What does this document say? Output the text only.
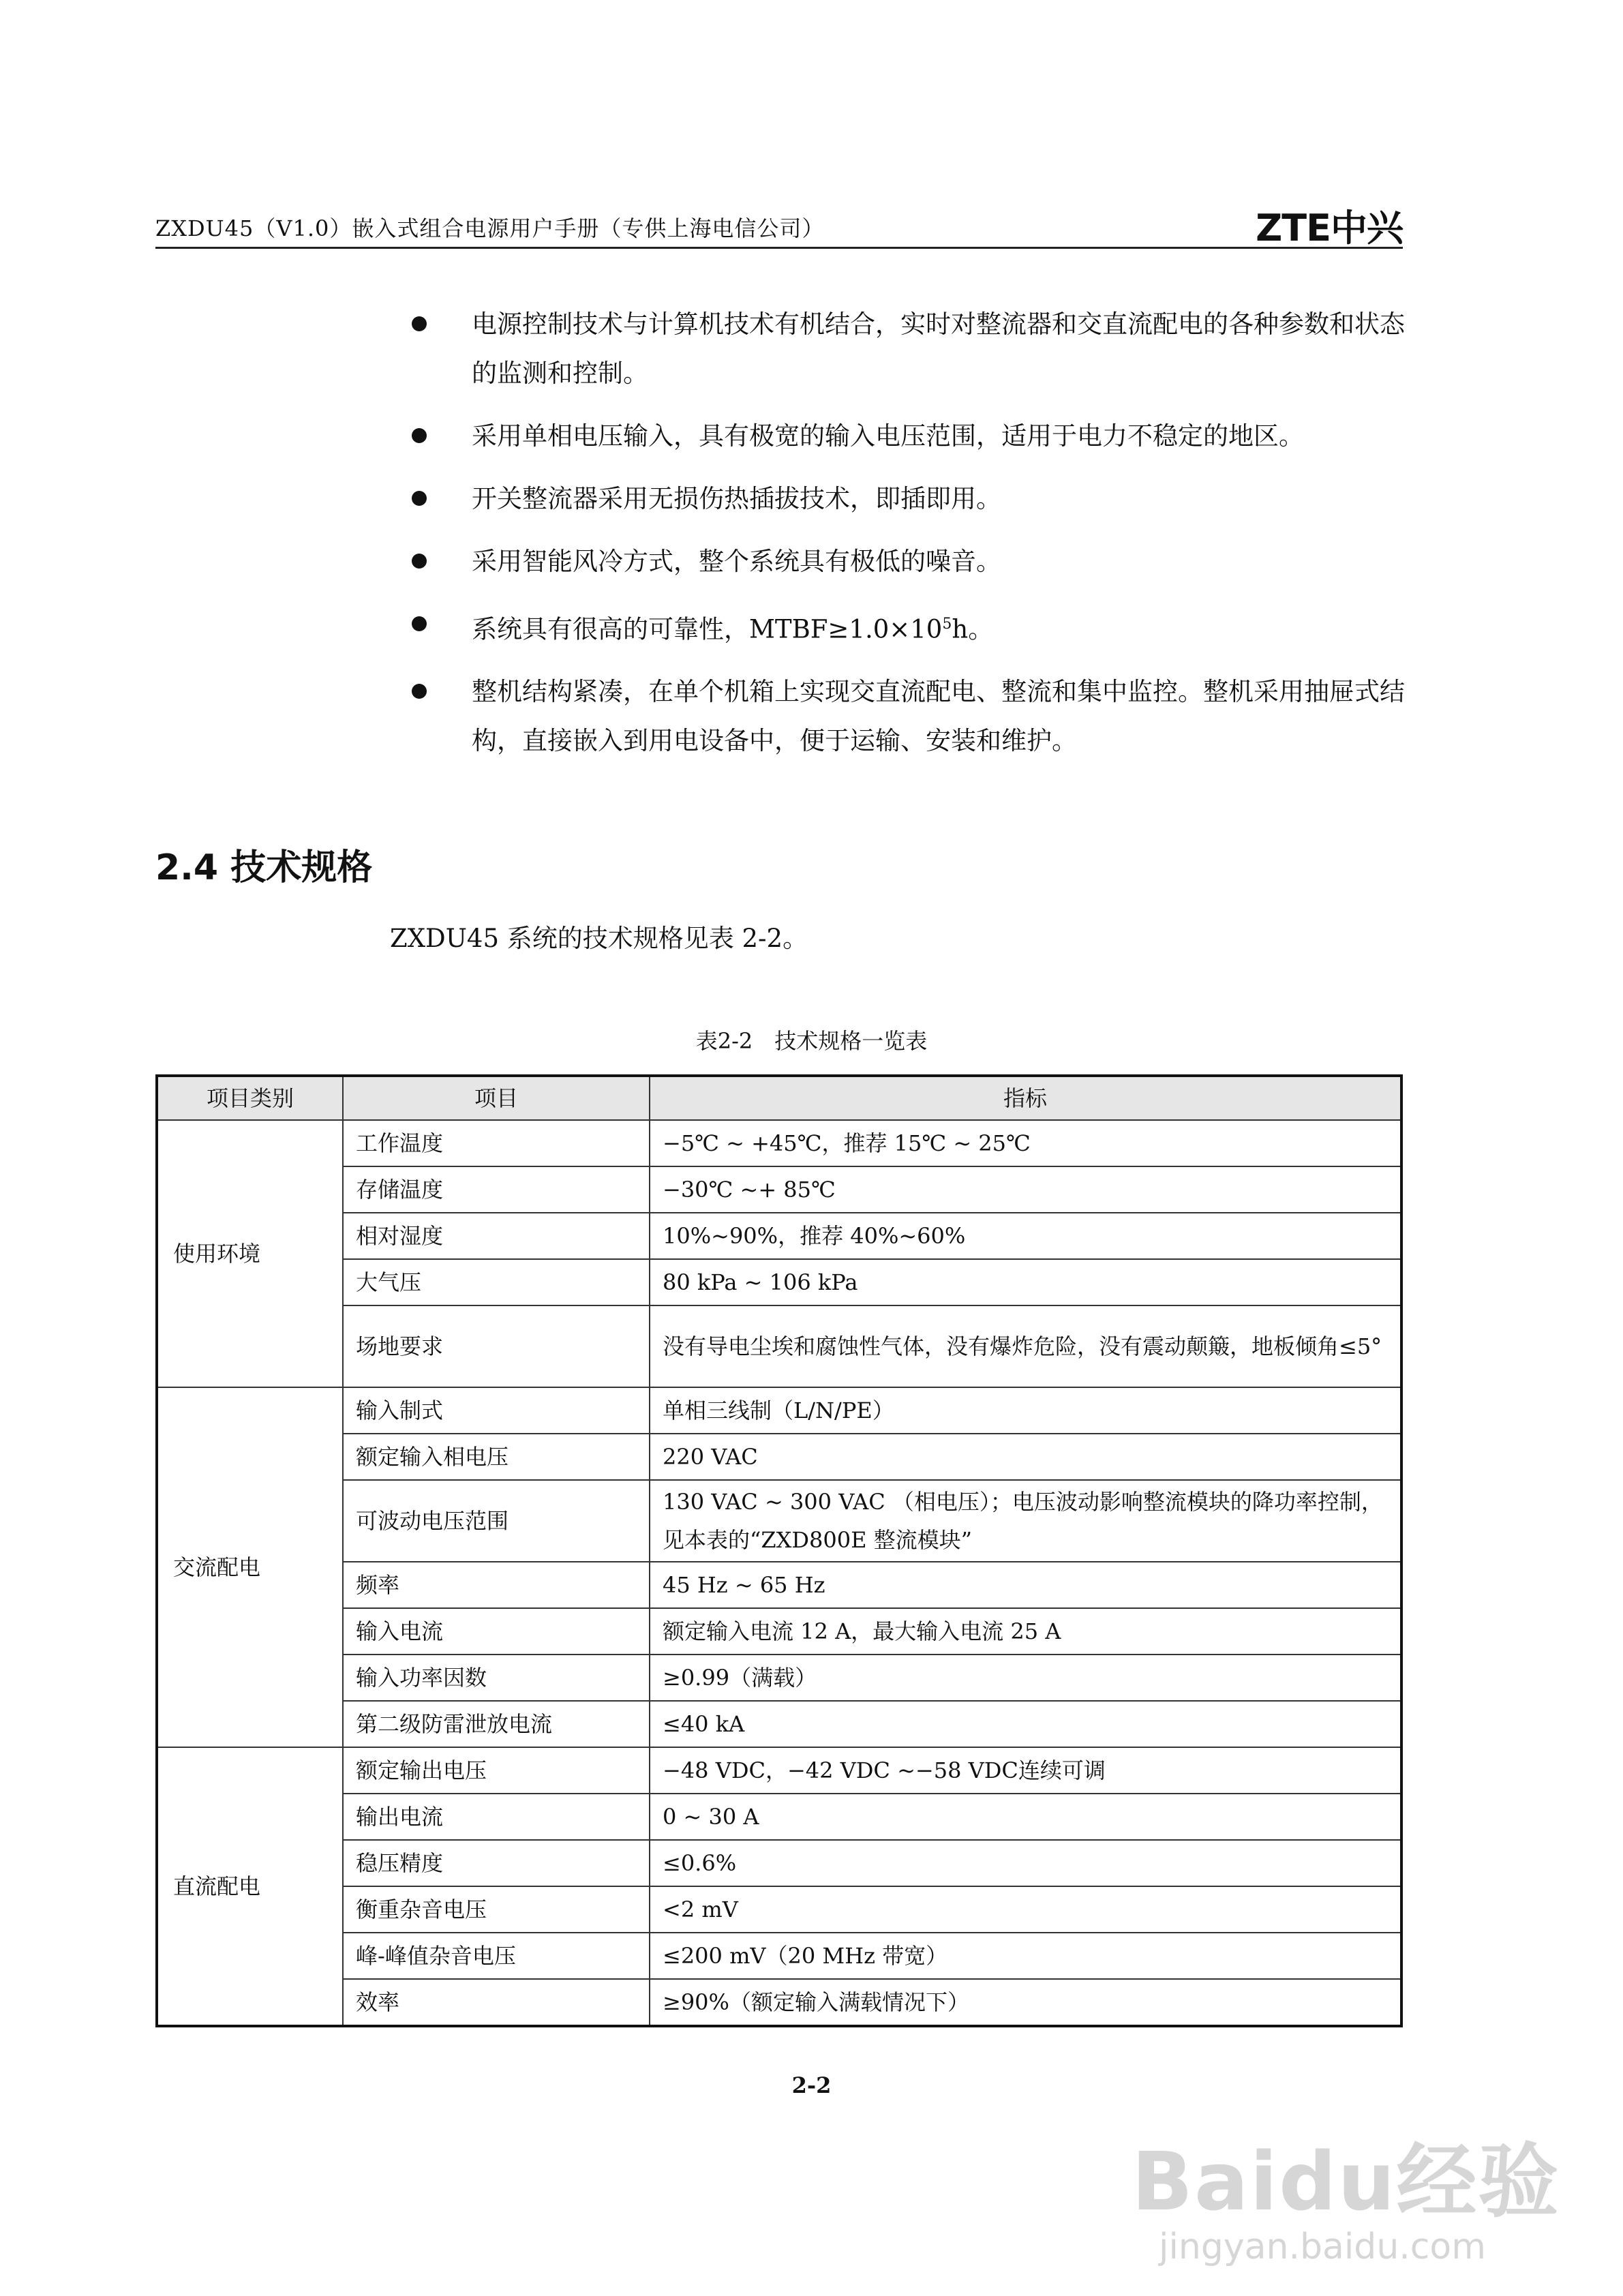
ZXDU45（V1.0）嵌入式组合电源用户手册（专供上海电信公司）	ZTE中兴
电源控制技术与计算机技术有机结合，实时对整流器和交直流配电的各种参数和状态的监测和控制。
采用单相电压输入，具有极宽的输入电压范围，适用于电力不稳定的地区。
开关整流器采用无损伤热插拔技术，即插即用。
采用智能风冷方式，整个系统具有极低的噪音。
系统具有很高的可靠性，$MTBF\ge 1.0\times 10^5h$。
整机结构紧凑，在单个机箱上实现交直流配电、整流和集中监控。整机采用抽屉式结构，直接嵌入到用电设备中，便于运输、安装和维护。
2.4 技术规格
ZXDU45 系统的技术规格见表 2-2。
表2-2　技术规格一览表
项目类别	项目	指标
使用环境	工作温度	−5℃ ~ +45℃，推荐 15℃ ~ 25℃
	存储温度	−30℃ ~+ 85℃
	相对湿度	10%~90%，推荐 40%~60%
	大气压	80 kPa ~ 106 kPa
	场地要求	没有导电尘埃和腐蚀性气体，没有爆炸危险，没有震动颠簸，地板倾角≤5°
交流配电	输入制式	单相三线制（L/N/PE）
	额定输入相电压	220 VAC
	可波动电压范围	130 VAC ~ 300 VAC （相电压）；电压波动影响整流模块的降功率控制，见本表的“ZXD800E 整流模块”
	频率	45 Hz ~ 65 Hz
	输入电流	额定输入电流 12 A，最大输入电流 25 A
	输入功率因数	≥0.99（满载）
	第二级防雷泄放电流	≤40 kA
直流配电	额定输出电压	−48 VDC，−42 VDC ~−58 VDC连续可调
	输出电流	0 ~ 30 A
	稳压精度	≤0.6%
	衡重杂音电压	<2 mV
	峰-峰值杂音电压	≤200 mV（20 MHz 带宽）
	效率	≥90%（额定输入满载情况下）
2-2
Baidu经验
jingyan.baidu.com
